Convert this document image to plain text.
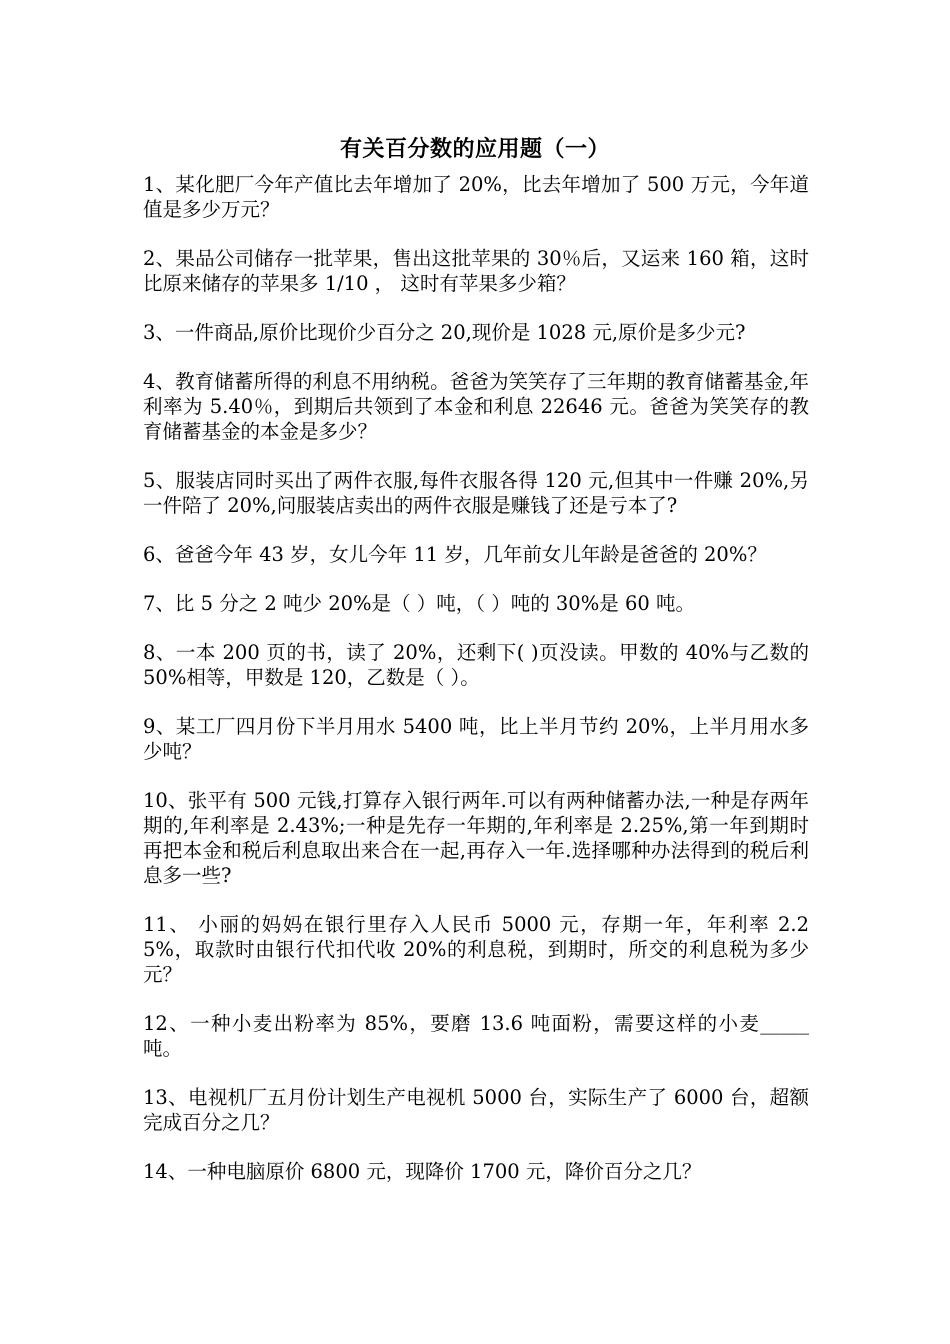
有关百分数的应用题（一）
1、某化肥厂今年产值比去年增加了 20%，比去年增加了 500 万元，今年道值是多少万元？
2、果品公司储存一批苹果，售出这批苹果的 30％后，又运来 160 箱，这时比原来储存的苹果多 1/10 ， 这时有苹果多少箱？
3、一件商品,原价比现价少百分之 20,现价是 1028 元,原价是多少元?
4、教育储蓄所得的利息不用纳税。爸爸为笑笑存了三年期的教育储蓄基金,年利率为 5.40％，到期后共领到了本金和利息 22646 元。爸爸为笑笑存的教育储蓄基金的本金是多少？
5、服装店同时买出了两件衣服,每件衣服各得 120 元,但其中一件赚 20%,另一件陪了 20%,问服装店卖出的两件衣服是赚钱了还是亏本了?
6、爸爸今年 43 岁，女儿今年 11 岁，几年前女儿年龄是爸爸的 20%？
7、比 5 分之 2 吨少 20%是（ ）吨，（ ）吨的 30%是 60 吨。
8、一本 200 页的书，读了 20%，还剩下( )页没读。甲数的 40%与乙数的 50%相等，甲数是 120，乙数是（ ）。
9、某工厂四月份下半月用水 5400 吨，比上半月节约 20%，上半月用水多少吨？
10、张平有 500 元钱,打算存入银行两年.可以有两种储蓄办法,一种是存两年期的,年利率是 2.43%;一种是先存一年期的,年利率是 2.25%,第一年到期时再把本金和税后利息取出来合在一起,再存入一年.选择哪种办法得到的税后利息多一些?
11、 小丽的妈妈在银行里存入人民币 5000 元，存期一年，年利率 2.25%，取款时由银行代扣代收 20%的利息税，到期时，所交的利息税为多少元？
12、一种小麦出粉率为 85%，要磨 13.6 吨面粉，需要这样的小麦_____吨。
13、电视机厂五月份计划生产电视机 5000 台，实际生产了 6000 台，超额完成百分之几？
14、一种电脑原价 6800 元，现降价 1700 元，降价百分之几？
